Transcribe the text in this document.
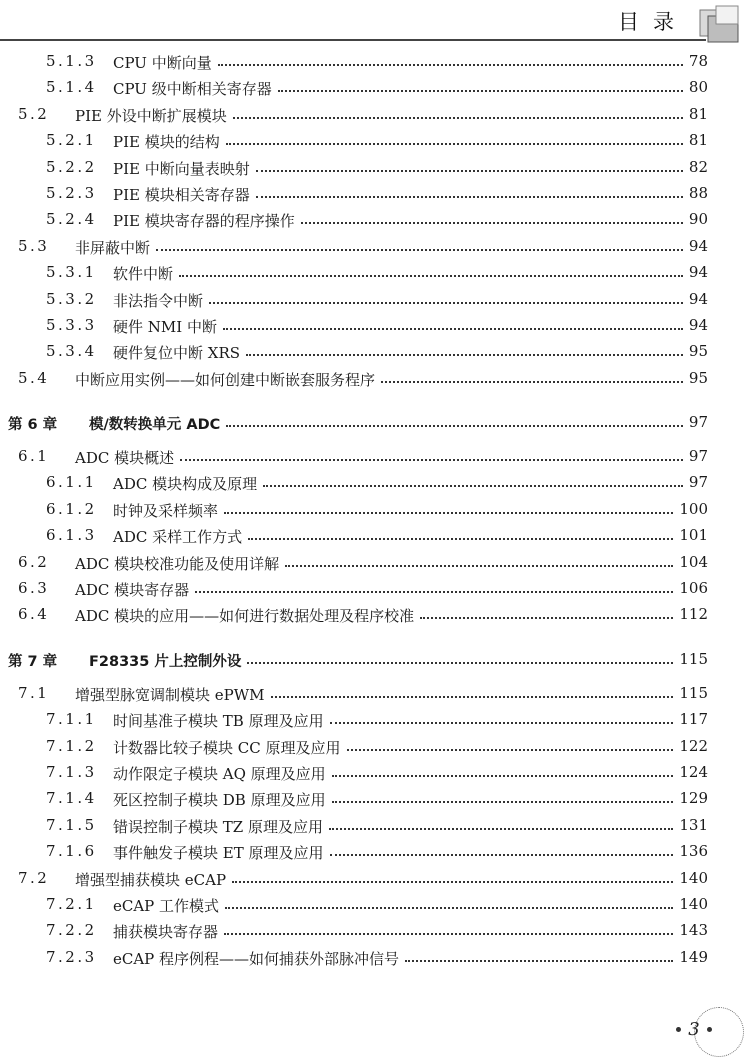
目录
5.1.3 CPU 中断向量	78
5.1.4 CPU 级中断相关寄存器	80
5.2 PIE 外设中断扩展模块	81
5.2.1 PIE 模块的结构	81
5.2.2 PIE 中断向量表映射	82
5.2.3 PIE 模块相关寄存器	88
5.2.4 PIE 模块寄存器的程序操作	90
5.3 非屏蔽中断	94
5.3.1 软件中断	94
5.3.2 非法指令中断	94
5.3.3 硬件 NMI 中断	94
5.3.4 硬件复位中断 XRS	95
5.4 中断应用实例——如何创建中断嵌套服务程序	95
第 6 章 模/数转换单元 ADC	97
6.1 ADC 模块概述	97
6.1.1 ADC 模块构成及原理	97
6.1.2 时钟及采样频率	100
6.1.3 ADC 采样工作方式	101
6.2 ADC 模块校准功能及使用详解	104
6.3 ADC 模块寄存器	106
6.4 ADC 模块的应用——如何进行数据处理及程序校准	112
第 7 章 F28335 片上控制外设	115
7.1 增强型脉宽调制模块 ePWM	115
7.1.1 时间基准子模块 TB 原理及应用	117
7.1.2 计数器比较子模块 CC 原理及应用	122
7.1.3 动作限定子模块 AQ 原理及应用	124
7.1.4 死区控制子模块 DB 原理及应用	129
7.1.5 错误控制子模块 TZ 原理及应用	131
7.1.6 事件触发子模块 ET 原理及应用	136
7.2 增强型捕获模块 eCAP	140
7.2.1 eCAP 工作模式	140
7.2.2 捕获模块寄存器	143
7.2.3 eCAP 程序例程——如何捕获外部脉冲信号	149
3
